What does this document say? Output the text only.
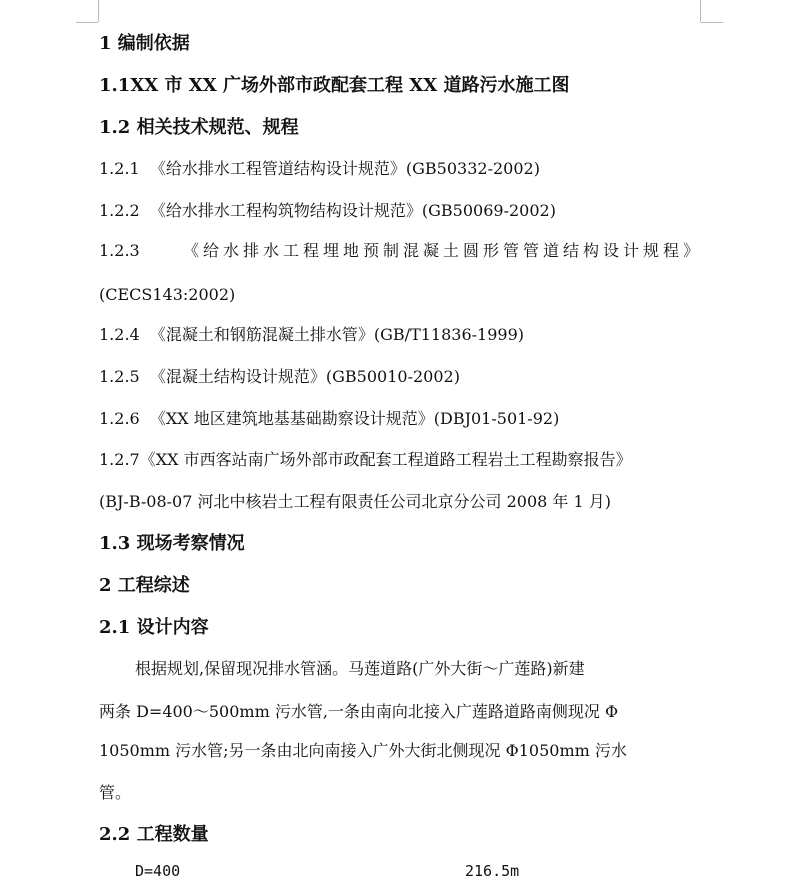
1 编制依据
1.1XX 市 XX 广场外部市政配套工程 XX 道路污水施工图
1.2 相关技术规范、规程
1.2.1 《给水排水工程管道结构设计规范》(GB50332-2002)
1.2.2 《给水排水工程构筑物结构设计规范》(GB50069-2002)
1.2.3	《给水排水工程埋地预制混凝土圆形管管道结构设计规程》
(CECS143:2002)
1.2.4 《混凝土和钢筋混凝土排水管》(GB/T11836-1999)
1.2.5 《混凝土结构设计规范》(GB50010-2002)
1.2.6 《XX 地区建筑地基基础勘察设计规范》(DBJ01-501-92)
1.2.7《XX 市西客站南广场外部市政配套工程道路工程岩土工程勘察报告》
(BJ-B-08-07 河北中核岩土工程有限责任公司北京分公司 2008 年 1 月)
1.3 现场考察情况
2 工程综述
2.1 设计内容
根据规划,保留现况排水管涵。马莲道路(广外大街～广莲路)新建
两条 D=400～500mm 污水管,一条由南向北接入广莲路道路南侧现况 Φ
1050mm 污水管;另一条由北向南接入广外大街北侧现况 Φ1050mm 污水
管。
2.2 工程数量
D=400	216.5m
